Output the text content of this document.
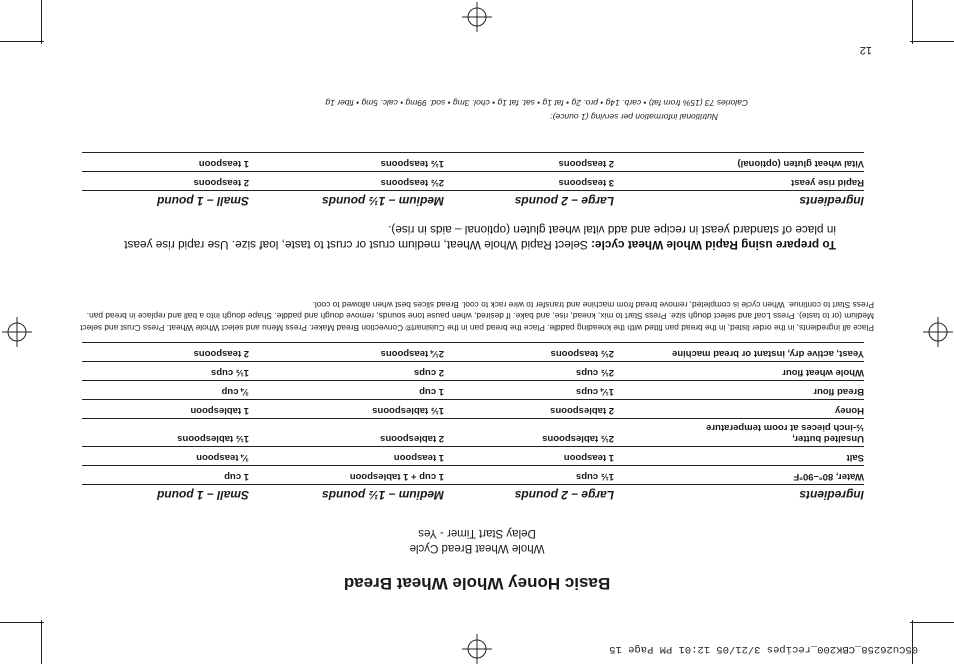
05Cu26258_CBK200_recipes 3/21/05 12:01 PM Page 15
12
Basic Honey Whole Wheat Bread
Whole Wheat Bread Cycle
Delay Start Timer - Yes
Ingredients	Large – 2 pounds	Medium – 1½ pounds	Small – 1 pound
Water, 80°–90°F	1½ cups	1 cup + 1 tablespoon	1 cup
Salt	1 teaspoon	1 teaspoon	¾ teaspoon

Unsalted butter,
½-inch pieces at room temperature	2½ tablespoons	2 tablespoons	1½ tablespoons
Honey	2 tablespoons	1½ tablespoons	1 tablespoon
Bread flour	1¼ cups	1 cup	¾ cup
Whole wheat flour	2½ cups	2 cups	1½ cups
Yeast, active dry, instant or bread machine	2½ teaspoons	2¼ teaspoons	2 teaspoons
Place all ingredients, in the order listed, in the bread pan fitted with the kneading paddle. Place the bread pan in the Cuisinart® Convection Bread Maker. Press Menu and select Whole Wheat. Press Crust and select Medium (or to taste). Press Loaf and select dough size. Press Start to mix, knead, rise, and bake. If desired, when pause tone sounds, remove dough and paddle. Shape dough into a ball and replace in bread pan. Press Start to continue. When cycle is completed, remove bread from machine and transfer to wire rack to cool. Bread slices best when allowed to cool.
To prepare using Rapid Whole Wheat cycle: Select Rapid Whole Wheat, medium crust or crust to taste, loaf size. Use rapid rise yeast in place of standard yeast in recipe and add vital wheat gluten (optional – aids in rise).
Ingredients	Large – 2 pounds	Medium – 1½ pounds	Small – 1 pound
Rapid rise yeast	3 teaspoons	2½ teaspoons	2 teaspoons
Vital wheat gluten (optional)	2 teaspoons	1½ teaspoons	1 teaspoon
Nutritional information per serving (1 ounce):
Calories 73 (15% from fat) • carb. 14g • pro. 2g • fat 1g • sat. fat 1g • chol. 3mg • sod. 99mg • calc. 5mg • fiber 1g
